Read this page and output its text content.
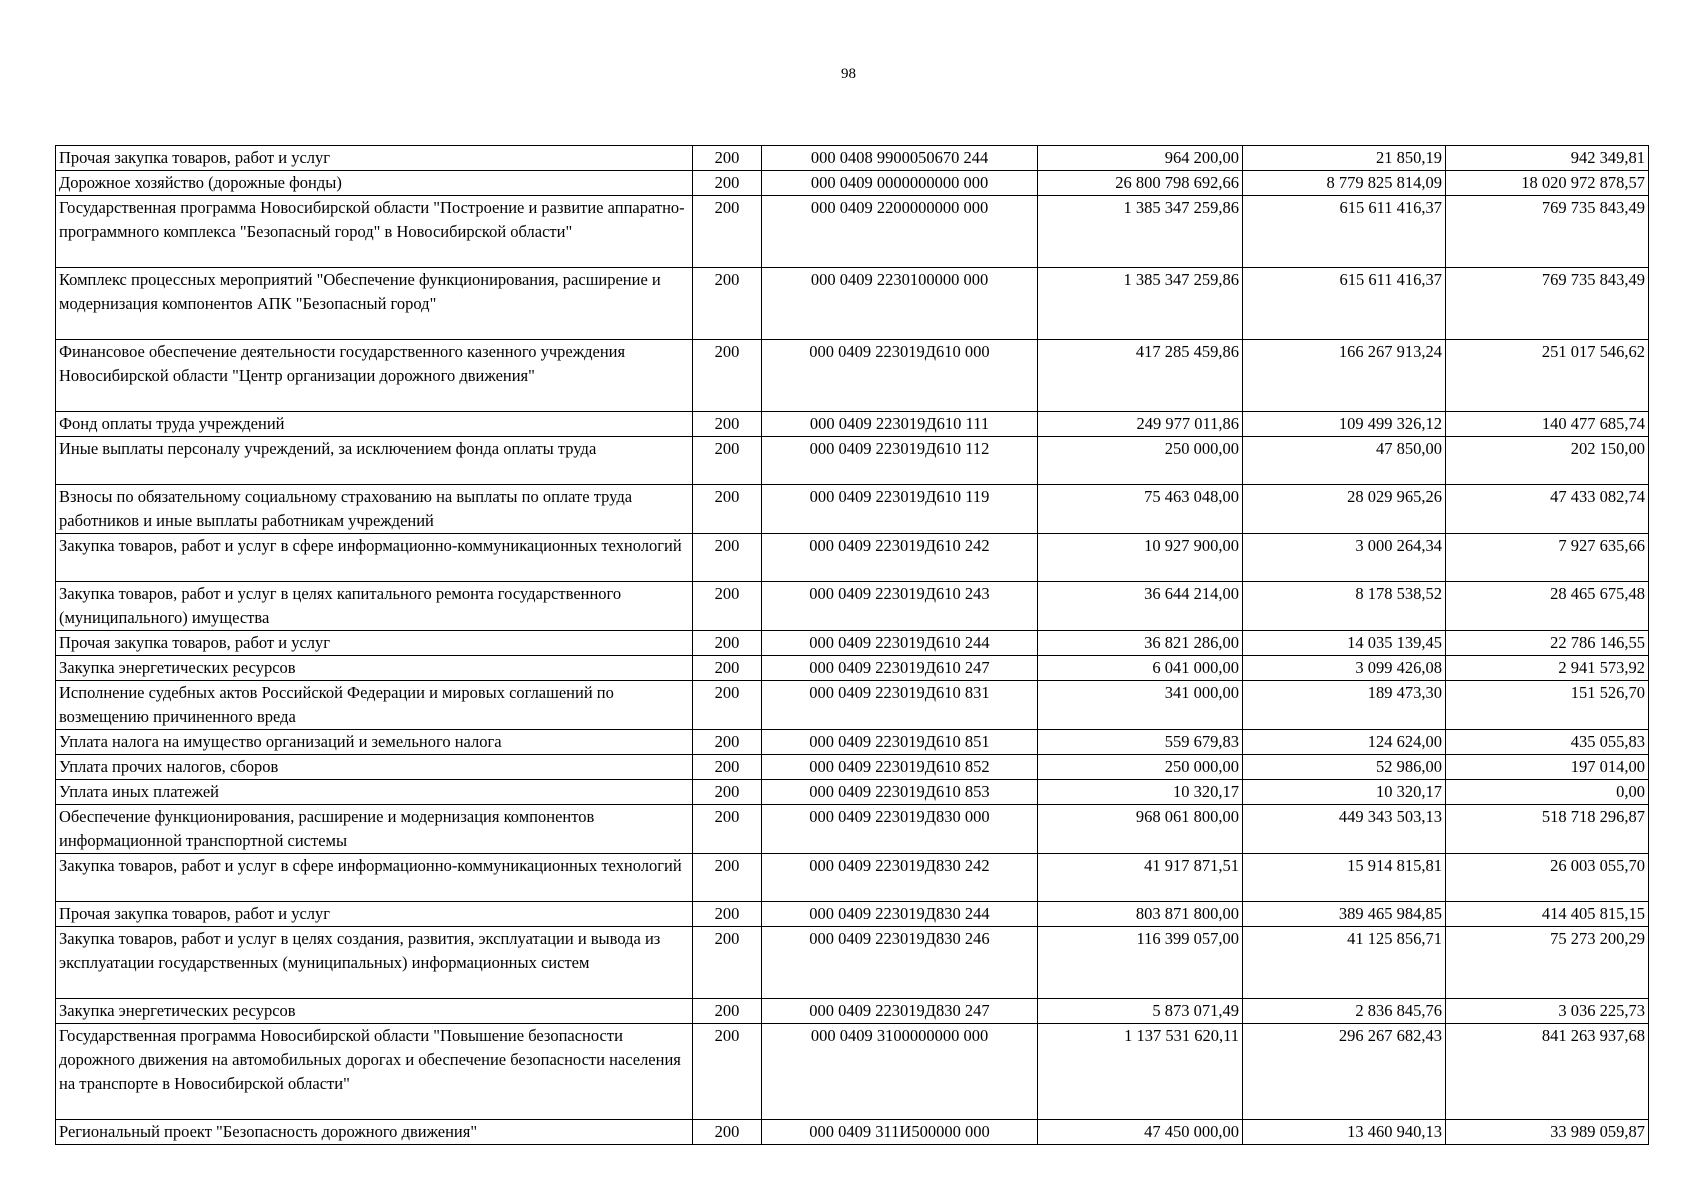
98
Прочая закупка товаров, работ и услуг	200	000 0408 9900050670 244	964 200,00	21 850,19	942 349,81
Дорожное хозяйство (дорожные фонды)	200	000 0409 0000000000 000	26 800 798 692,66	8 779 825 814,09	18 020 972 878,57
Государственная программа Новосибирской области "Построение и развитие аппаратно-программного комплекса "Безопасный город" в Новосибирской области"	200	000 0409 2200000000 000	1 385 347 259,86	615 611 416,37	769 735 843,49
Комплекс процессных мероприятий "Обеспечение функционирования, расширение и модернизация компонентов АПК "Безопасный город"	200	000 0409 2230100000 000	1 385 347 259,86	615 611 416,37	769 735 843,49
Финансовое обеспечение деятельности государственного казенного учреждения Новосибирской области "Центр организации дорожного движения"	200	000 0409 223019Д610 000	417 285 459,86	166 267 913,24	251 017 546,62
Фонд оплаты труда учреждений	200	000 0409 223019Д610 111	249 977 011,86	109 499 326,12	140 477 685,74
Иные выплаты персоналу учреждений, за исключением фонда оплаты труда	200	000 0409 223019Д610 112	250 000,00	47 850,00	202 150,00
Взносы по обязательному социальному страхованию на выплаты по оплате труда работников и иные выплаты работникам учреждений	200	000 0409 223019Д610 119	75 463 048,00	28 029 965,26	47 433 082,74
Закупка товаров, работ и услуг в сфере информационно-коммуникационных технологий	200	000 0409 223019Д610 242	10 927 900,00	3 000 264,34	7 927 635,66
Закупка товаров, работ и услуг в целях капитального ремонта государственного (муниципального) имущества	200	000 0409 223019Д610 243	36 644 214,00	8 178 538,52	28 465 675,48
Прочая закупка товаров, работ и услуг	200	000 0409 223019Д610 244	36 821 286,00	14 035 139,45	22 786 146,55
Закупка энергетических ресурсов	200	000 0409 223019Д610 247	6 041 000,00	3 099 426,08	2 941 573,92
Исполнение судебных актов Российской Федерации и мировых соглашений по возмещению причиненного вреда	200	000 0409 223019Д610 831	341 000,00	189 473,30	151 526,70
Уплата налога на имущество организаций и земельного налога	200	000 0409 223019Д610 851	559 679,83	124 624,00	435 055,83
Уплата прочих налогов, сборов	200	000 0409 223019Д610 852	250 000,00	52 986,00	197 014,00
Уплата иных платежей	200	000 0409 223019Д610 853	10 320,17	10 320,17	0,00
Обеспечение функционирования, расширение и модернизация компонентов информационной транспортной системы	200	000 0409 223019Д830 000	968 061 800,00	449 343 503,13	518 718 296,87
Закупка товаров, работ и услуг в сфере информационно-коммуникационных технологий	200	000 0409 223019Д830 242	41 917 871,51	15 914 815,81	26 003 055,70
Прочая закупка товаров, работ и услуг	200	000 0409 223019Д830 244	803 871 800,00	389 465 984,85	414 405 815,15
Закупка товаров, работ и услуг в целях создания, развития, эксплуатации и вывода из эксплуатации государственных (муниципальных) информационных систем	200	000 0409 223019Д830 246	116 399 057,00	41 125 856,71	75 273 200,29
Закупка энергетических ресурсов	200	000 0409 223019Д830 247	5 873 071,49	2 836 845,76	3 036 225,73
Государственная программа Новосибирской области "Повышение безопасности дорожного движения на автомобильных дорогах и обеспечение безопасности населения на транспорте в Новосибирской области"	200	000 0409 3100000000 000	1 137 531 620,11	296 267 682,43	841 263 937,68
Региональный проект "Безопасность дорожного движения"	200	000 0409 311И500000 000	47 450 000,00	13 460 940,13	33 989 059,87
